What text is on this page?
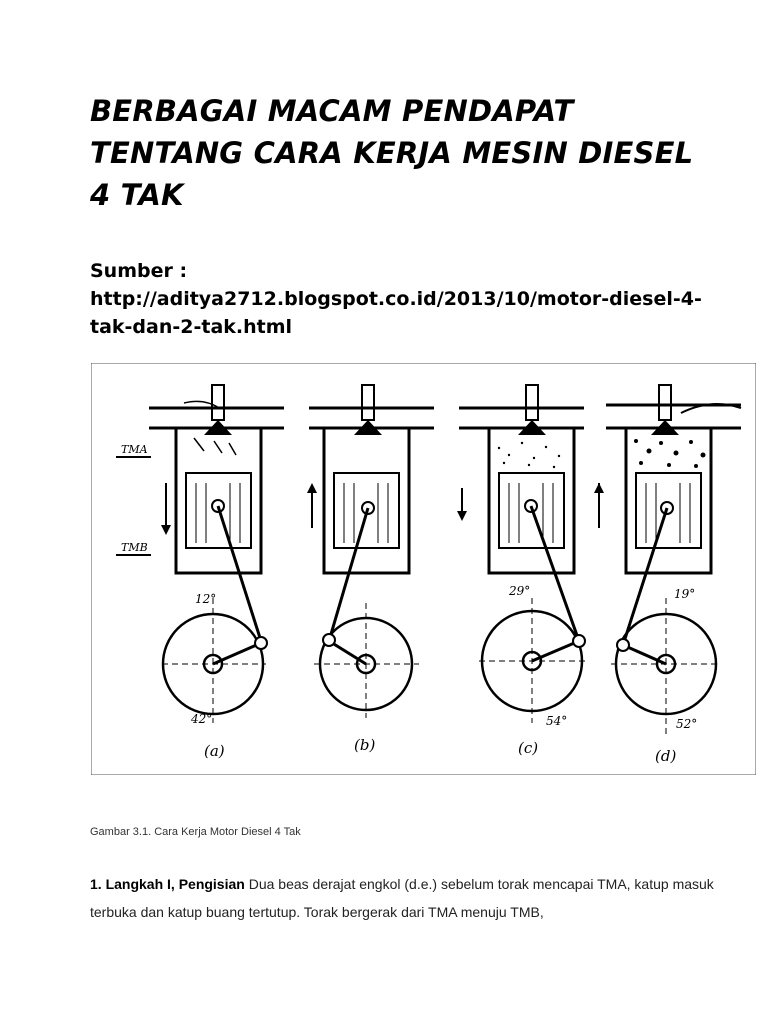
BERBAGAI MACAM PENDAPAT TENTANG CARA KERJA MESIN DIESEL 4 TAK
Sumber :
http://aditya2712.blogspot.co.id/2013/10/motor-diesel-4-tak-dan-2-tak.html
TMA
TMB
12°
42°
(a)	(b)
29°
54°
(c)
19°
52°
(d)
Gambar 3.1. Cara Kerja Motor Diesel 4 Tak
1. Langkah I, Pengisian Dua beas derajat engkol (d.e.) sebelum torak mencapai TMA, katup masuk terbuka dan katup buang tertutup. Torak bergerak dari TMA menuju TMB,
